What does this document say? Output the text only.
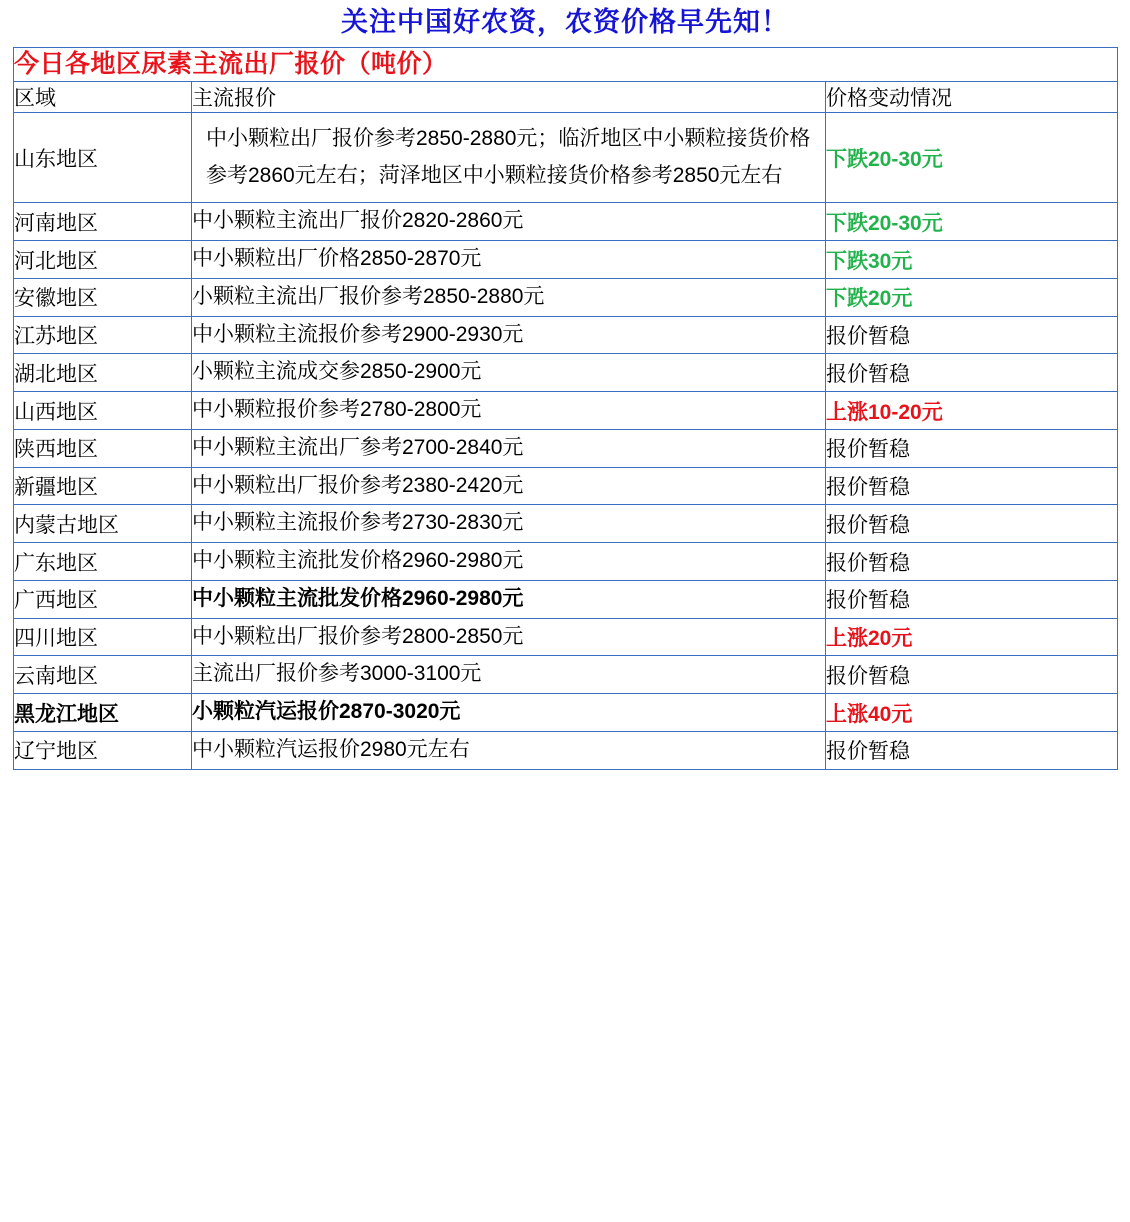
关注中国好农资，农资价格早先知！
今日各地区尿素主流出厂报价（吨价）		
区域	主流报价	价格变动情况
山东地区	中小颗粒出厂报价参考2850-2880元；临沂地区中小颗粒接货价格参考2860元左右；菏泽地区中小颗粒接货价格参考2850元左右	下跌20-30元
河南地区	中小颗粒主流出厂报价2820-2860元	下跌20-30元
河北地区	中小颗粒出厂价格2850-2870元	下跌30元
安徽地区	小颗粒主流出厂报价参考2850-2880元	下跌20元
江苏地区	中小颗粒主流报价参考2900-2930元	报价暂稳
湖北地区	小颗粒主流成交参2850-2900元	报价暂稳
山西地区	中小颗粒报价参考2780-2800元	上涨10-20元
陕西地区	中小颗粒主流出厂参考2700-2840元	报价暂稳
新疆地区	中小颗粒出厂报价参考2380-2420元	报价暂稳
内蒙古地区	中小颗粒主流报价参考2730-2830元	报价暂稳
广东地区	中小颗粒主流批发价格2960-2980元	报价暂稳
广西地区	中小颗粒主流批发价格2960-2980元	报价暂稳
四川地区	中小颗粒出厂报价参考2800-2850元	上涨20元
云南地区	主流出厂报价参考3000-3100元	报价暂稳
黑龙江地区	小颗粒汽运报价2870-3020元	上涨40元
辽宁地区	中小颗粒汽运报价2980元左右	报价暂稳
